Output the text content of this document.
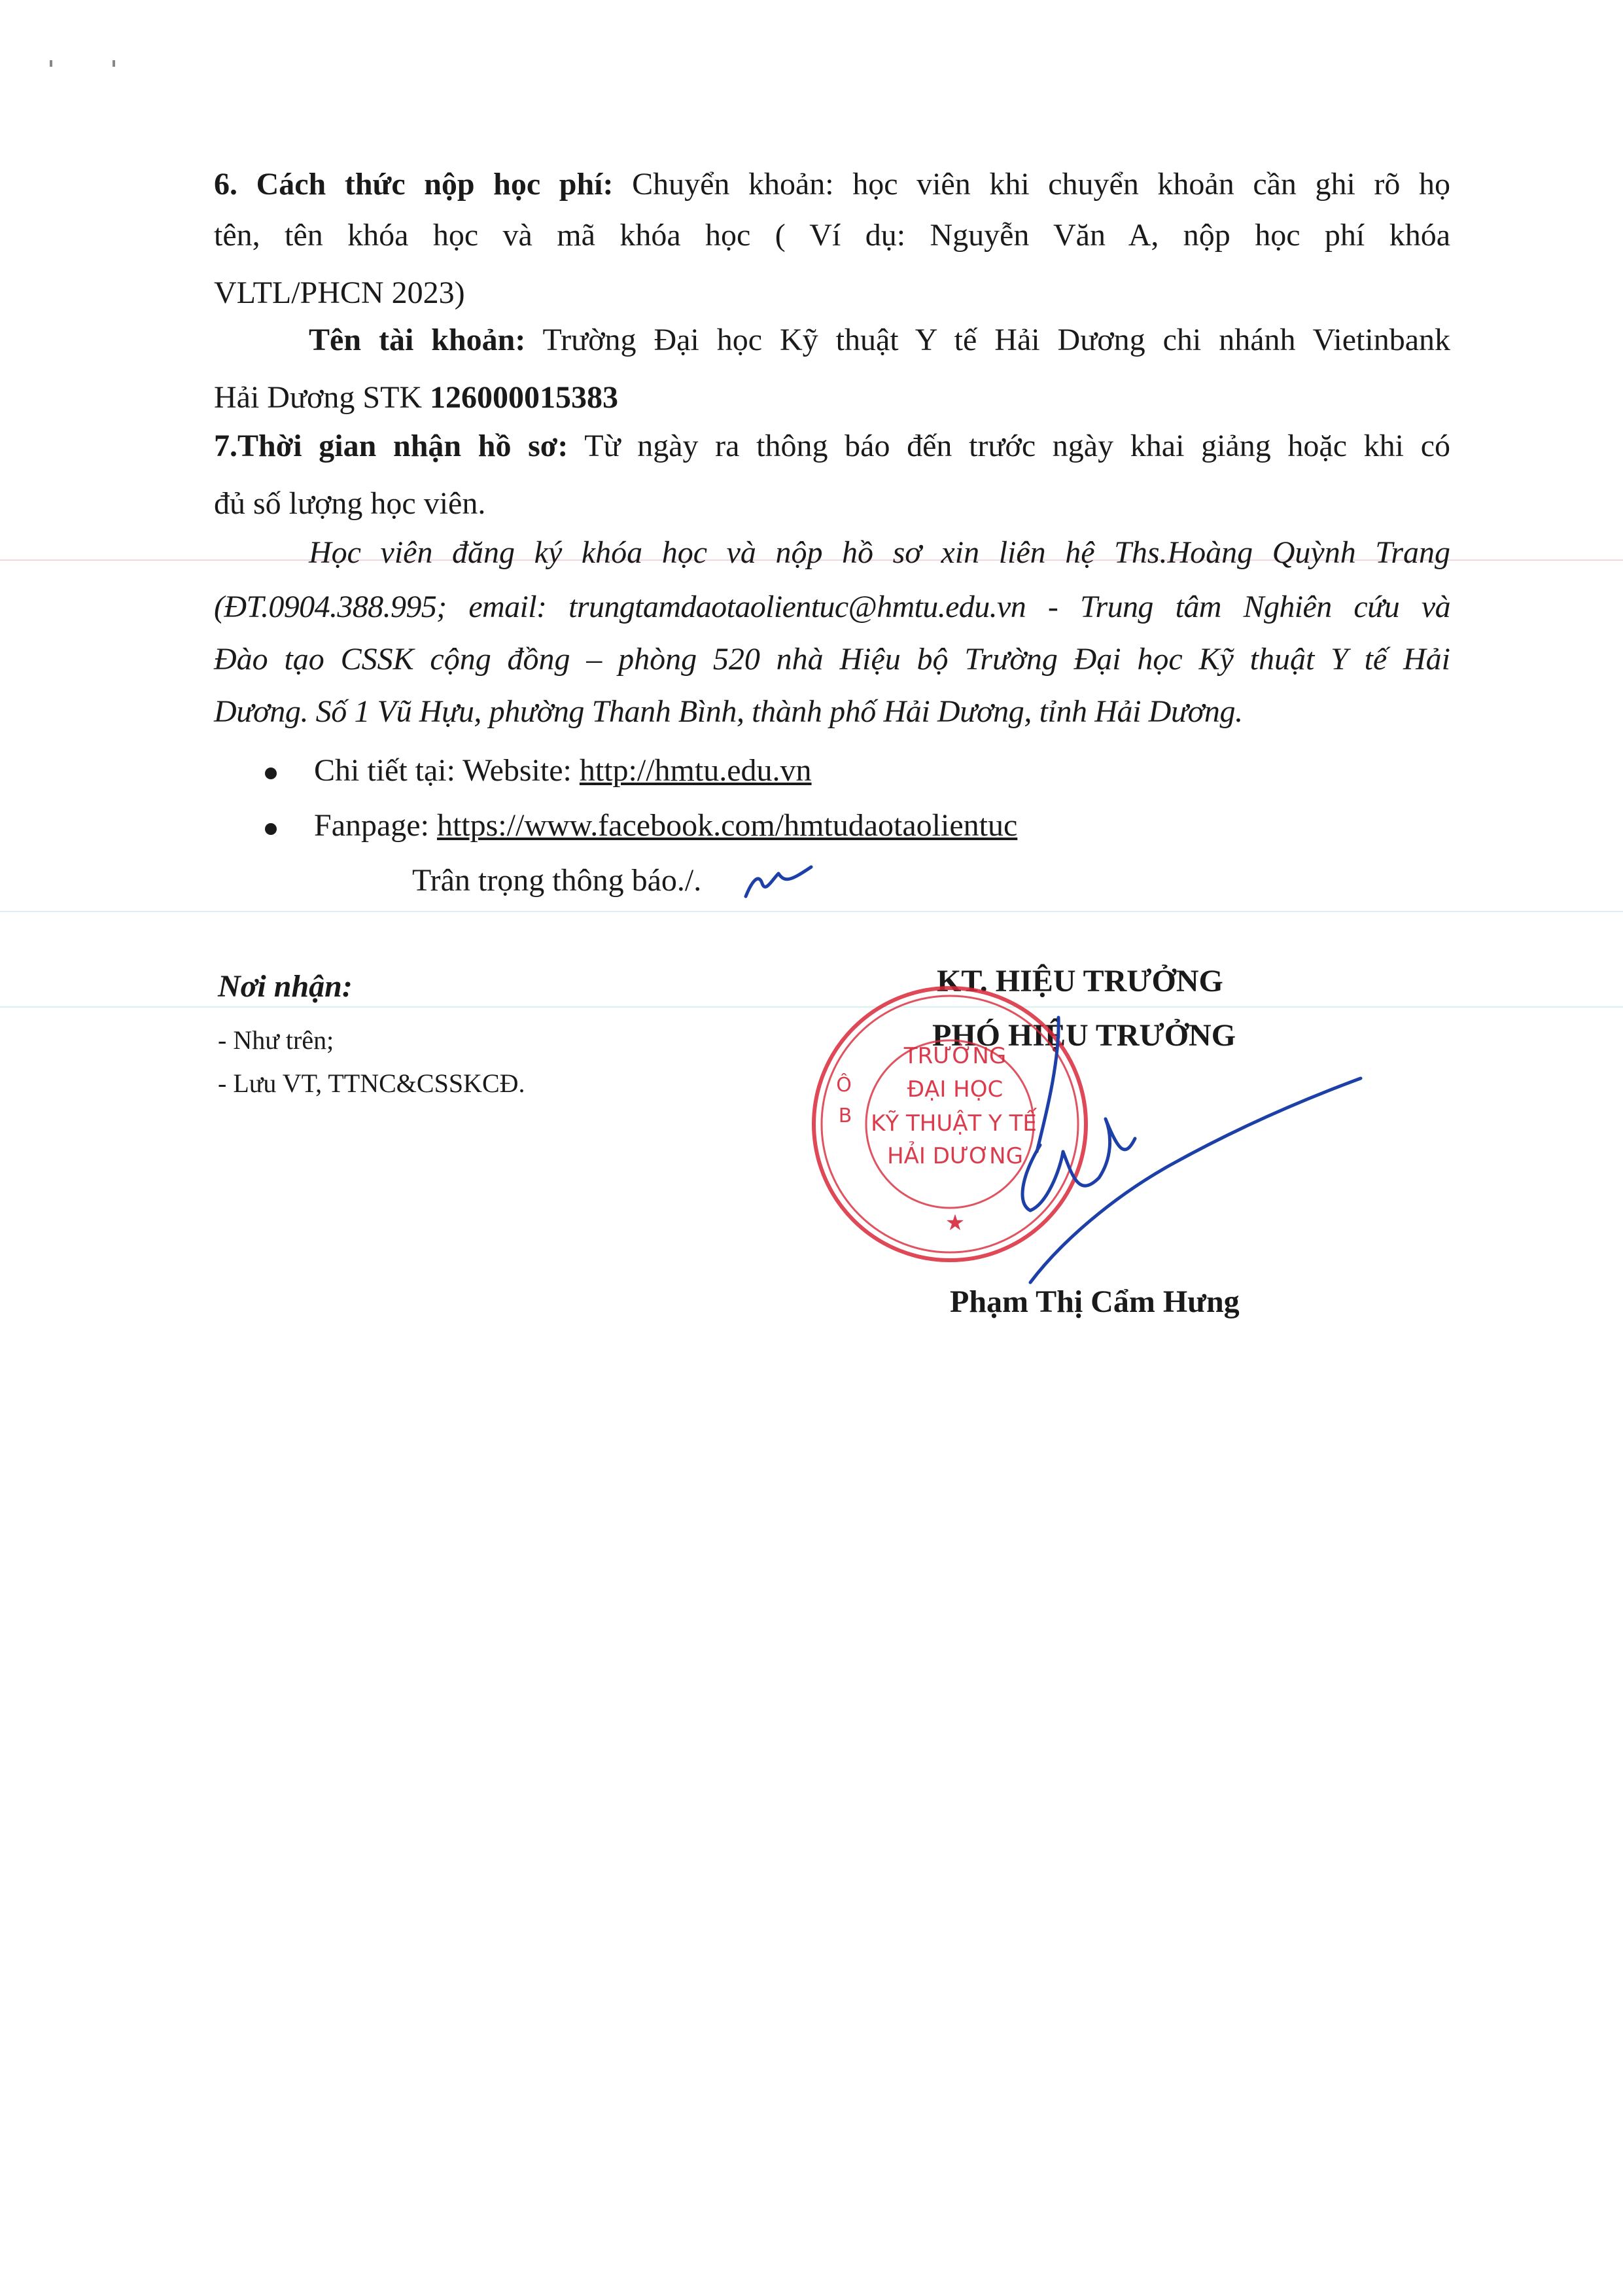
6. Cách thức nộp học phí: Chuyển khoản: học viên khi chuyển khoản cần ghi rõ họ
tên, tên khóa học và mã khóa học ( Ví dụ: Nguyễn Văn A, nộp học phí khóa
VLTL/PHCN 2023)
Tên tài khoản: Trường Đại học Kỹ thuật Y tế Hải Dương chi nhánh Vietinbank
Hải Dương STK 126000015383
7.Thời gian nhận hồ sơ: Từ ngày ra thông báo đến trước ngày khai giảng hoặc khi có
đủ số lượng học viên.
Học viên đăng ký khóa học và nộp hồ sơ xin liên hệ Ths.Hoàng Quỳnh Trang
(ĐT.0904.388.995; email: trungtamdaotaolientuc@hmtu.edu.vn - Trung tâm Nghiên cứu và
Đào tạo CSSK cộng đồng – phòng 520 nhà Hiệu bộ Trường Đại học Kỹ thuật Y tế Hải
Dương. Số 1 Vũ Hựu, phường Thanh Bình, thành phố Hải Dương, tỉnh Hải Dương.
Chi tiết tại: Website: http://hmtu.edu.vn
Fanpage: https://www.facebook.com/hmtudaotaolientuc
Trân trọng thông báo./.
Nơi nhận:
- Như trên;
- Lưu VT, TTNC&CSSKCĐ.
KT. HIỆU TRƯỞNG
PHÓ HIỆU TRƯỞNG
Phạm Thị Cẩm Hưng
Ô
B
TRƯỜNG
ĐẠI HỌC
KỸ THUẬT Y TẾ
HẢI DƯƠNG
★
